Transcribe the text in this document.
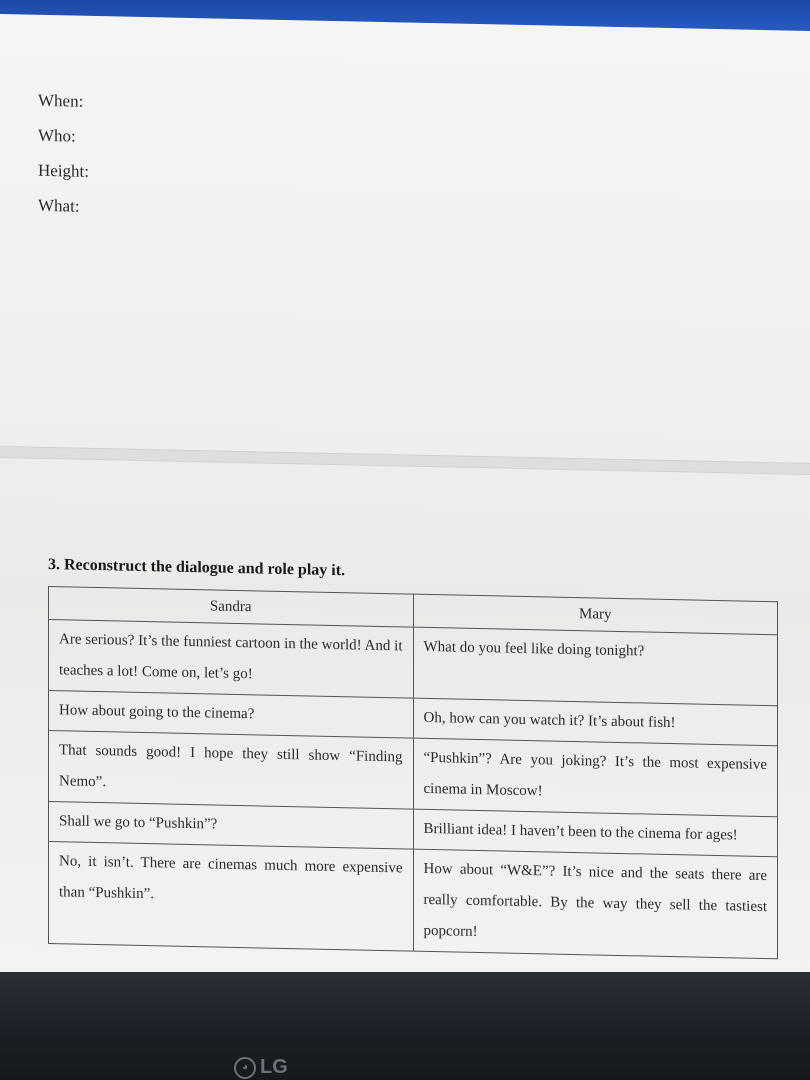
When:
Who:
Height:
What:
3. Reconstruct the dialogue and role play it.
Sandra	Mary
Are serious? It’s the funniest cartoon in the world! And it teaches a lot! Come on, let’s go!	What do you feel like doing tonight?
How about going to the cinema?	Oh, how can you watch it? It’s about fish!
That sounds good! I hope they still show “Finding Nemo”.	“Pushkin”? Are you joking? It’s the most expensive cinema in Moscow!
Shall we go to “Pushkin”?	Brilliant idea! I haven’t been to the cinema for ages!
No, it isn’t. There are cinemas much more expensive than “Pushkin”.	How about “W&E”? It’s nice and the seats there are really comfortable. By the way they sell the tastiest popcorn!
◕ LG
